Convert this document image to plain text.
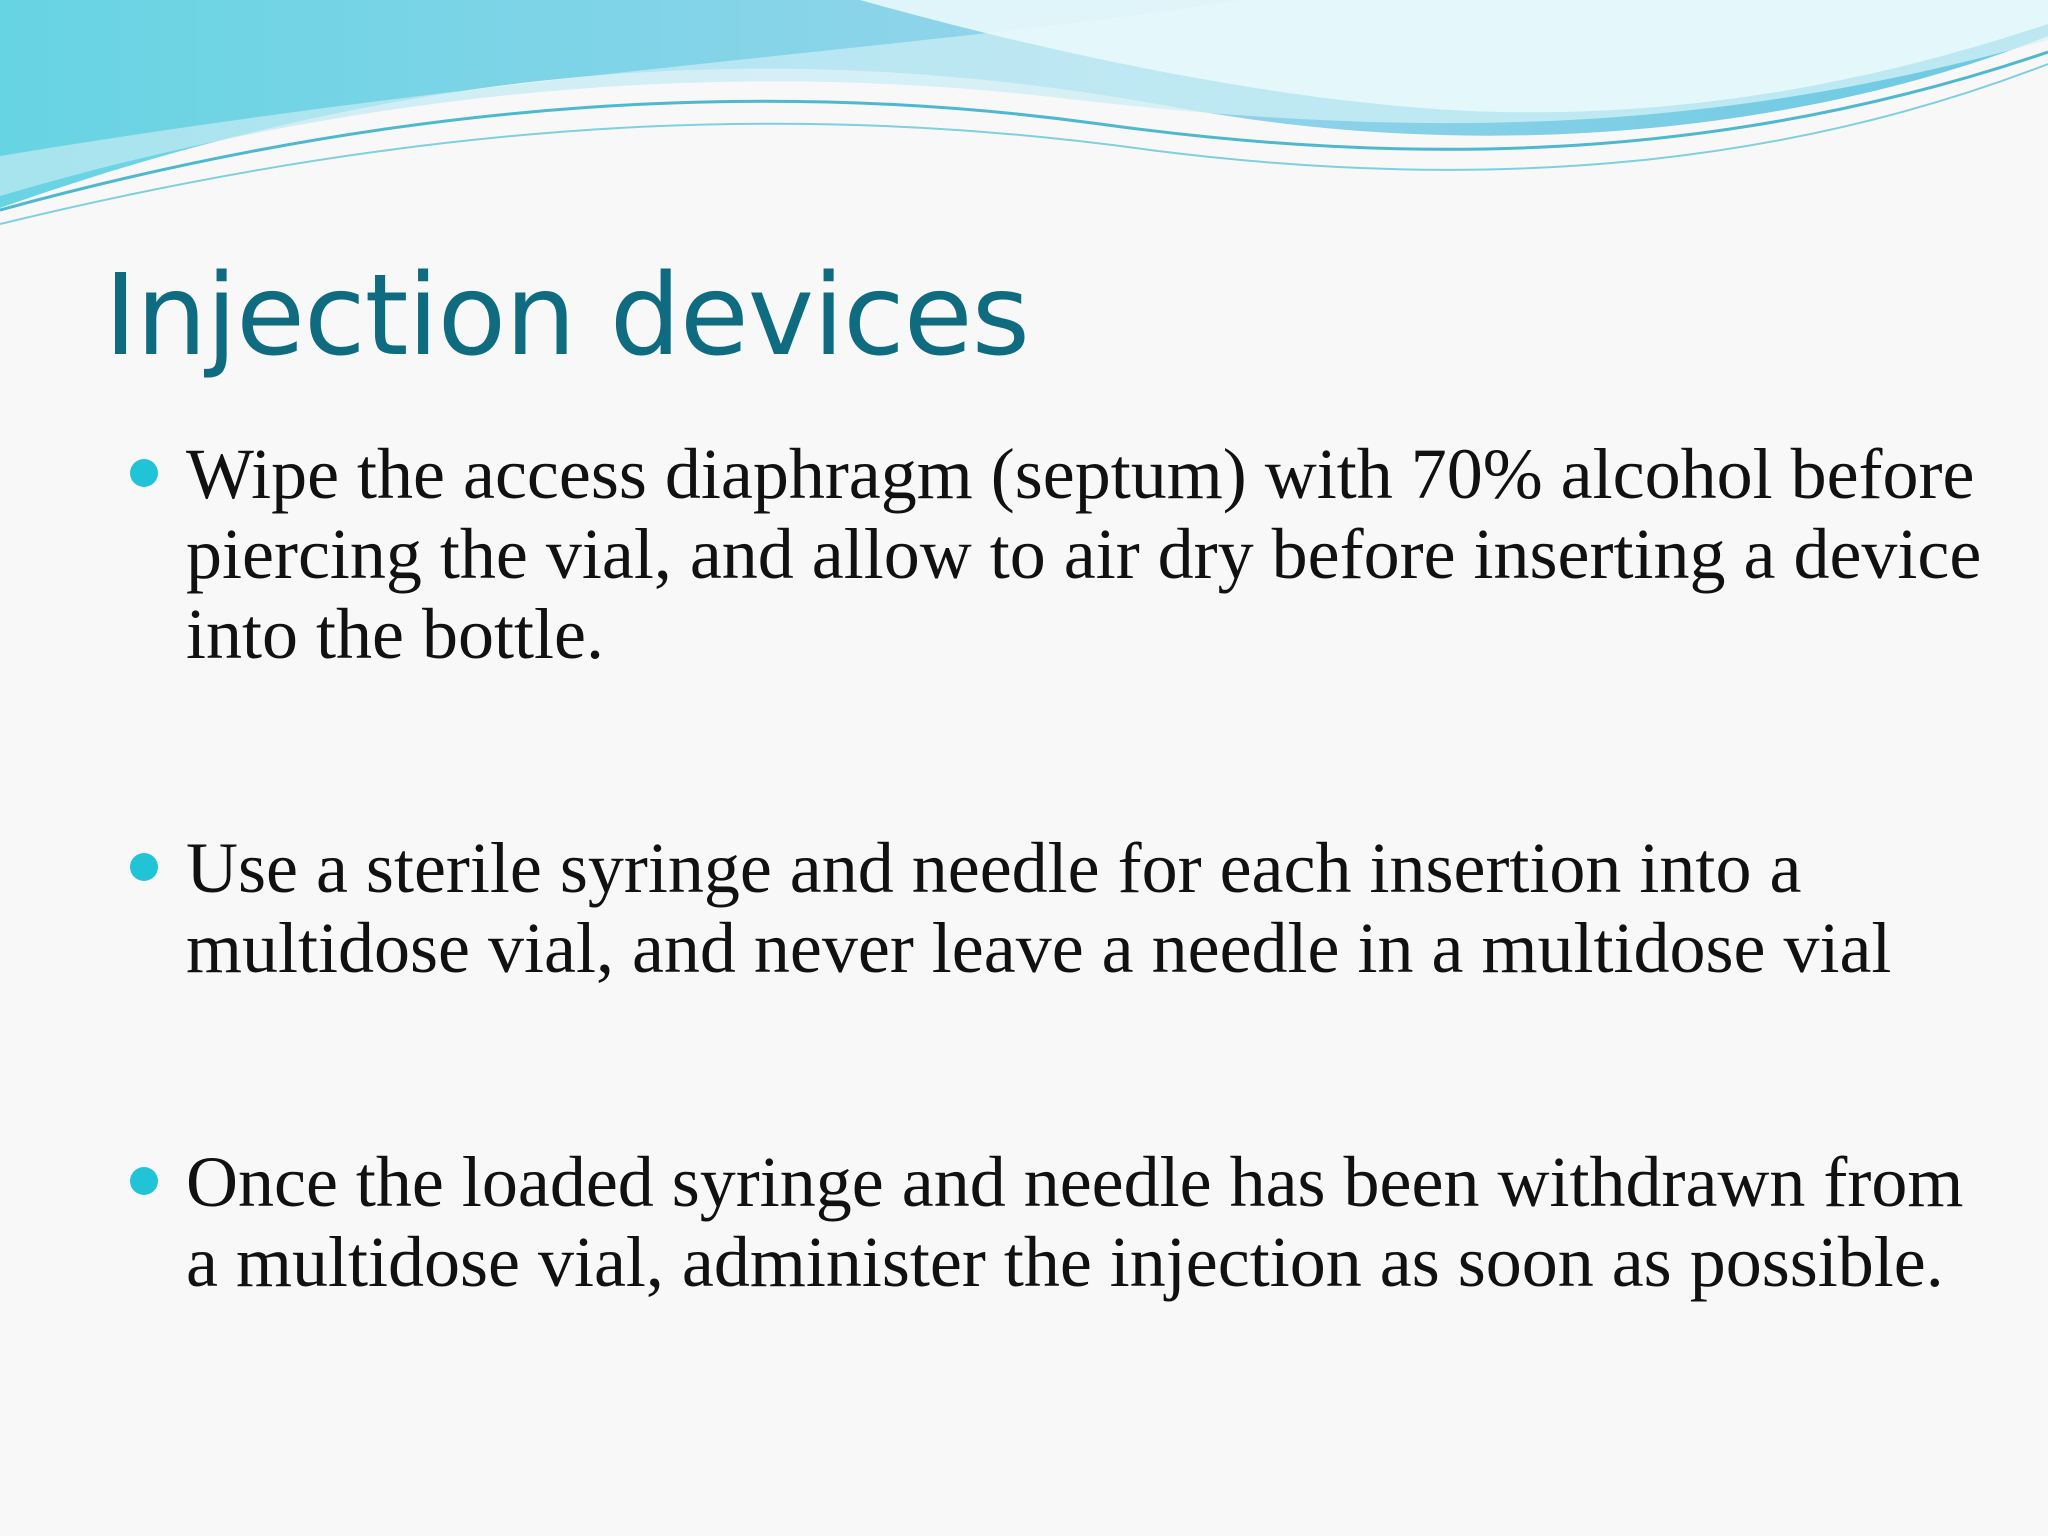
Injection devices
Wipe the access diaphragm (septum) with 70% alcohol before piercing the vial, and allow to air dry before inserting a device into the bottle.
Use a sterile syringe and needle for each insertion into a multidose vial, and never leave a needle in a multidose vial
Once the loaded syringe and needle has been withdrawn from a multidose vial, administer the injection as soon as possible.
